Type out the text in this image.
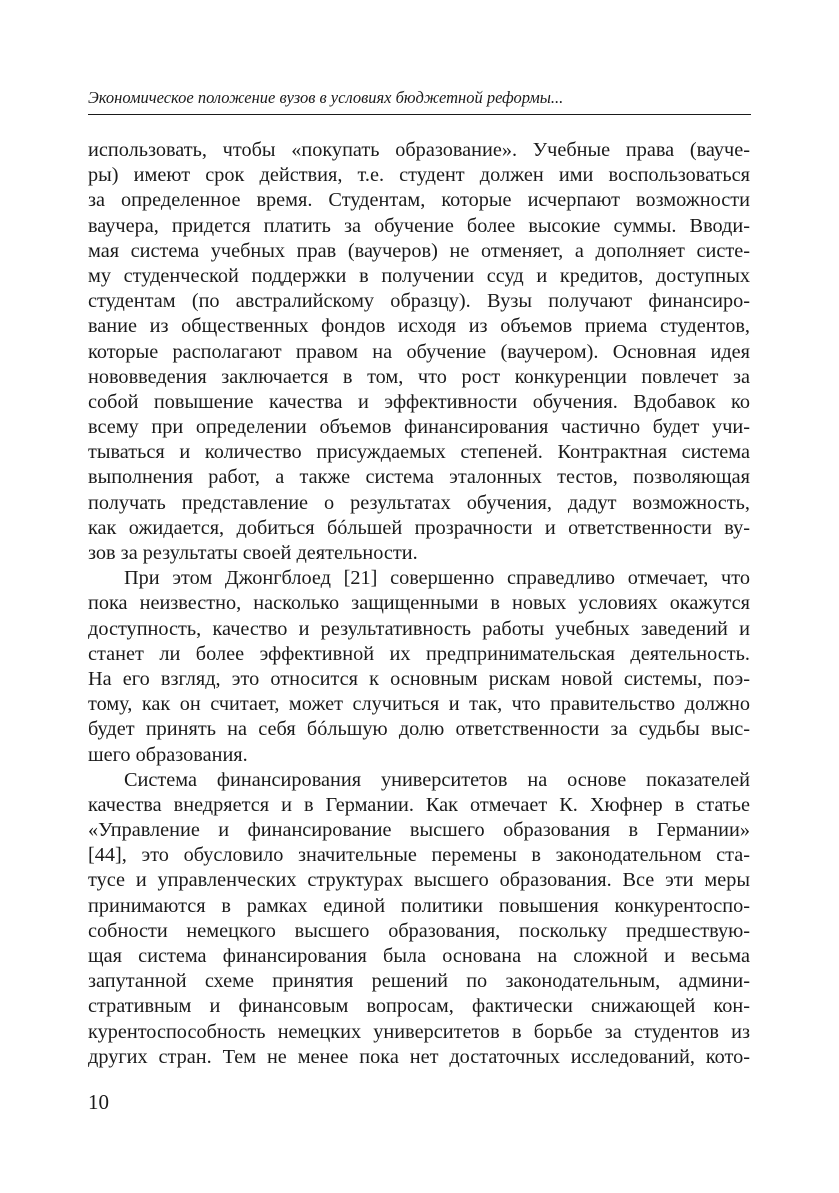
Экономическое положение вузов в условиях бюджетной реформы...
использовать, чтобы «покупать образование». Учебные права (вауче-
ры) имеют срок действия, т.е. студент должен ими воспользоваться
за определенное время. Студентам, которые исчерпают возможности
ваучера, придется платить за обучение более высокие суммы. Вводи-
мая система учебных прав (ваучеров) не отменяет, а дополняет систе-
му студенческой поддержки в получении ссуд и кредитов, доступных
студентам (по австралийскому образцу). Вузы получают финансиро-
вание из общественных фондов исходя из объемов приема студентов,
которые располагают правом на обучение (ваучером). Основная идея
нововведения заключается в том, что рост конкуренции повлечет за
собой повышение качества и эффективности обучения. Вдобавок ко
всему при определении объемов финансирования частично будет учи-
тываться и количество присуждаемых степеней. Контрактная система
выполнения работ, а также система эталонных тестов, позволяющая
получать представление о результатах обучения, дадут возможность,
как ожидается, добиться бóльшей прозрачности и ответственности ву-
зов за результаты своей деятельности.
При этом Джонгблоед [21] совершенно справедливо отмечает, что
пока неизвестно, насколько защищенными в новых условиях окажутся
доступность, качество и результативность работы учебных заведений и
станет ли более эффективной их предпринимательская деятельность.
На его взгляд, это относится к основным рискам новой системы, поэ-
тому, как он считает, может случиться и так, что правительство должно
будет принять на себя бóльшую долю ответственности за судьбы выс-
шего образования.
Система финансирования университетов на основе показателей
качества внедряется и в Германии. Как отмечает К. Хюфнер в статье
«Управление и финансирование высшего образования в Германии»
[44], это обусловило значительные перемены в законодательном ста-
тусе и управленческих структурах высшего образования. Все эти меры
принимаются в рамках единой политики повышения конкурентоспо-
собности немецкого высшего образования, поскольку предшествую-
щая система финансирования была основана на сложной и весьма
запутанной схеме принятия решений по законодательным, админи-
стративным и финансовым вопросам, фактически снижающей кон-
курентоспособность немецких университетов в борьбе за студентов из
других стран. Тем не менее пока нет достаточных исследований, кото-
10
